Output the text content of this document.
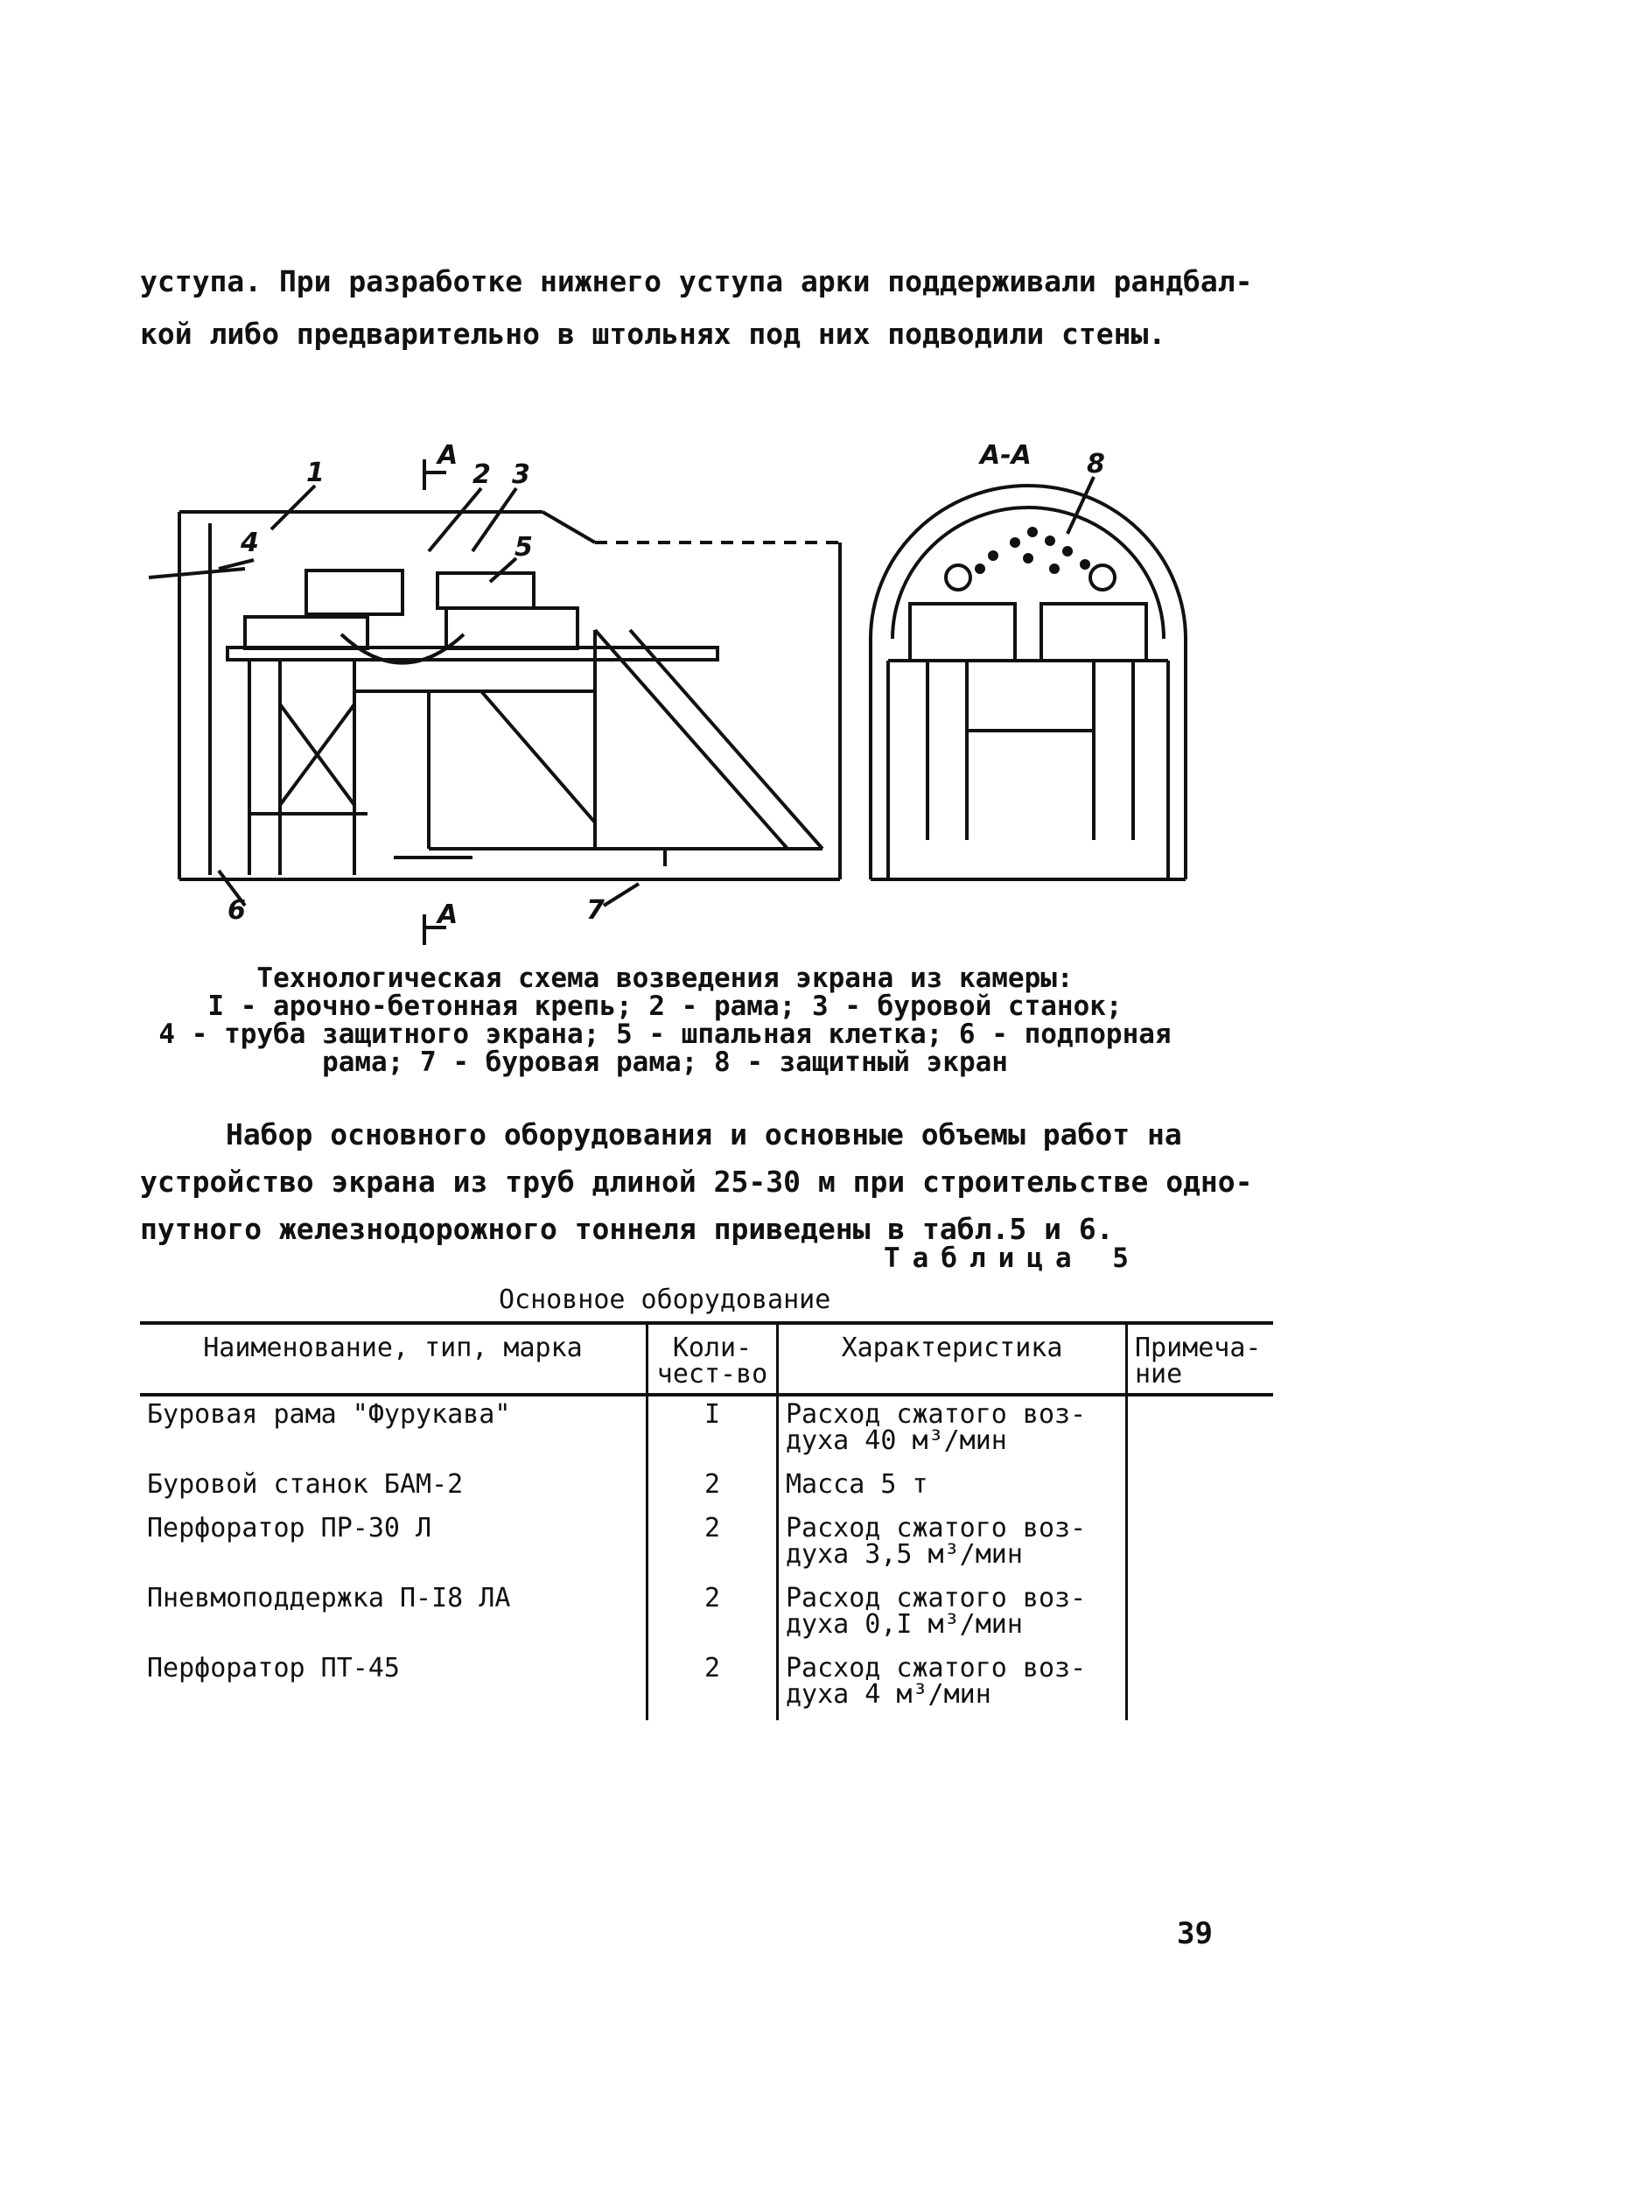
уступа. При разработке нижнего уступа арки поддерживали рандбал-
кой либо предварительно в штольнях под них подводили стены.
А
А
А-А
1	2 3
4	5
6	7
8
Технологическая схема возведения экрана из камеры:
I - арочно-бетонная крепь; 2 - рама; 3 - буровой станок;
4 - труба защитного экрана; 5 - шпальная клетка; 6 - подпорная
рама; 7 - буровая рама; 8 - защитный экран
Набор основного оборудования и основные объемы работ на
устройство экрана из труб длиной 25-30 м при строительстве одно-
путного железнодорожного тоннеля приведены в табл.5 и 6.
Таблица 5
Основное оборудование
Наименование, тип, марка	Коли-чест-во	Характеристика	Примеча-ние
Буровая рама "Фурукава"	I	Расход сжатого воз-духа 40 м³/мин	
Буровой станок БАМ-2	2	Масса 5 т	
Перфоратор ПР-30 Л	2	Расход сжатого воз-духа 3,5 м³/мин	
Пневмоподдержка П-I8 ЛА	2	Расход сжатого воз-духа 0,I м³/мин	
Перфоратор ПТ-45	2	Расход сжатого воз-духа 4 м³/мин	
39
